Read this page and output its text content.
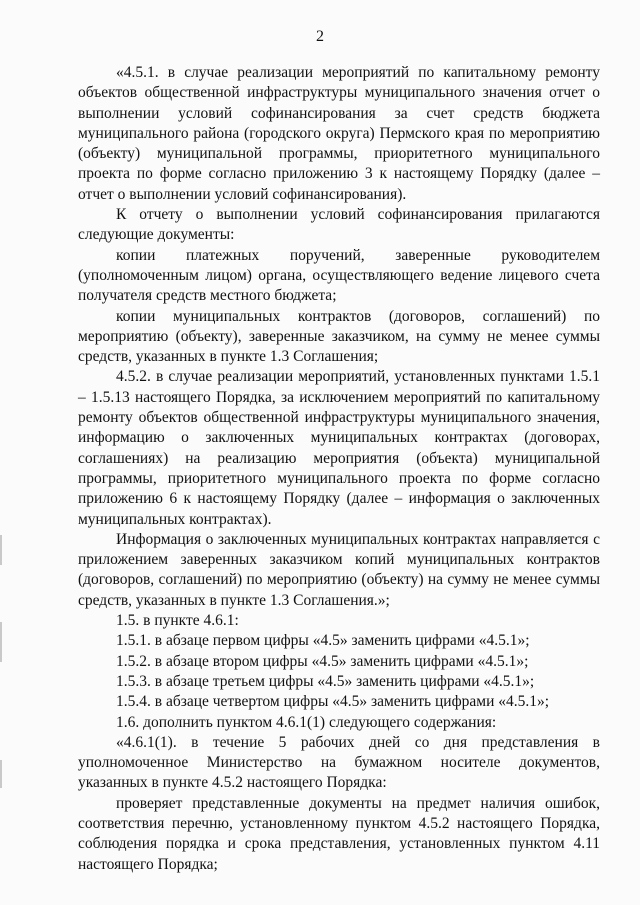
2

«4.5.1. в случае реализации мероприятий по капитальному ремонту объектов общественной инфраструктуры муниципального значения отчет о выполнении условий софинансирования за счет средств бюджета муниципального района (городского округа) Пермского края по мероприятию (объекту) муниципальной программы, приоритетного муниципального проекта по форме согласно приложению 3 к настоящему Порядку (далее – отчет о выполнении условий софинансирования).

К отчету о выполнении условий софинансирования прилагаются следующие документы:

копии платежных поручений, заверенные руководителем (уполномоченным лицом) органа, осуществляющего ведение лицевого счета получателя средств местного бюджета;

копии муниципальных контрактов (договоров, соглашений) по мероприятию (объекту), заверенные заказчиком, на сумму не менее суммы средств, указанных в пункте 1.3 Соглашения;

4.5.2. в случае реализации мероприятий, установленных пунктами 1.5.1 – 1.5.13 настоящего Порядка, за исключением мероприятий по капитальному ремонту объектов общественной инфраструктуры муниципального значения, информацию о заключенных муниципальных контрактах (договорах, соглашениях) на реализацию мероприятия (объекта) муниципальной программы, приоритетного муниципального проекта по форме согласно приложению 6 к настоящему Порядку (далее – информация о заключенных муниципальных контрактах).

Информация о заключенных муниципальных контрактах направляется с приложением заверенных заказчиком копий муниципальных контрактов (договоров, соглашений) по мероприятию (объекту) на сумму не менее суммы средств, указанных в пункте 1.3 Соглашения.»;

1.5. в пункте 4.6.1:

1.5.1. в абзаце первом цифры «4.5» заменить цифрами «4.5.1»;

1.5.2. в абзаце втором цифры «4.5» заменить цифрами «4.5.1»;

1.5.3. в абзаце третьем цифры «4.5» заменить цифрами «4.5.1»;

1.5.4. в абзаце четвертом цифры «4.5» заменить цифрами «4.5.1»;

1.6. дополнить пунктом 4.6.1(1) следующего содержания:

«4.6.1(1). в течение 5 рабочих дней со дня представления в уполномоченное Министерство на бумажном носителе документов, указанных в пункте 4.5.2 настоящего Порядка:

проверяет представленные документы на предмет наличия ошибок, соответствия перечню, установленному пунктом 4.5.2 настоящего Порядка, соблюдения порядка и срока представления, установленных пунктом 4.11 настоящего Порядка;
